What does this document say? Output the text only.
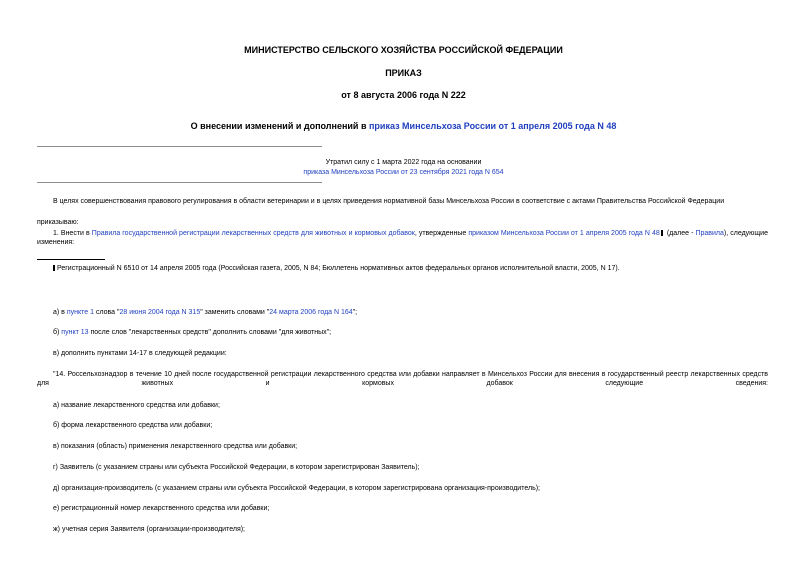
МИНИСТЕРСТВО СЕЛЬСКОГО ХОЗЯЙСТВА РОССИЙСКОЙ ФЕДЕРАЦИИ
ПРИКАЗ
от 8 августа 2006 года N 222
О внесении изменений и дополнений в приказ Минсельхоза России от 1 апреля 2005 года N 48
Утратил силу с 1 марта 2022 года на основании
приказа Минсельхоза России от 23 сентября 2021 года N 654
В целях совершенствования правового регулирования в области ветеринарии и в целях приведения нормативной базы Минсельхоза России в соответствие с актами Правительства Российской Федерации
приказываю:
1. Внести в Правила государственной регистрации лекарственных средств для животных и кормовых добавок, утвержденные приказом Минсельхоза России от 1 апреля 2005 года N 48 (далее - Правила), следующие изменения:
Регистрационный N 6510 от 14 апреля 2005 года (Российская газета, 2005, N 84; Бюллетень нормативных актов федеральных органов исполнительной власти, 2005, N 17).
а) в пункте 1 слова "28 июня 2004 года N 315" заменить словами "24 марта 2006 года N 164";
б) пункт 13 после слов "лекарственных средств" дополнить словами "для животных";
в) дополнить пунктами 14-17 в следующей редакции:
"14. Россельхознадзор в течение 10 дней после государственной регистрации лекарственного средства или добавки направляет в Минсельхоз России для внесения в государственный реестр лекарственных средств для животных и кормовых добавок следующие сведения:
а) название лекарственного средства или добавки;
б) форма лекарственного средства или добавки;
в) показания (область) применения лекарственного средства или добавки;
г) Заявитель (с указанием страны или субъекта Российской Федерации, в котором зарегистрирован Заявитель);
д) организация-производитель (с указанием страны или субъекта Российской Федерации, в котором зарегистрирована организация-производитель);
е) регистрационный номер лекарственного средства или добавки;
ж) учетная серия Заявителя (организации-производителя);
